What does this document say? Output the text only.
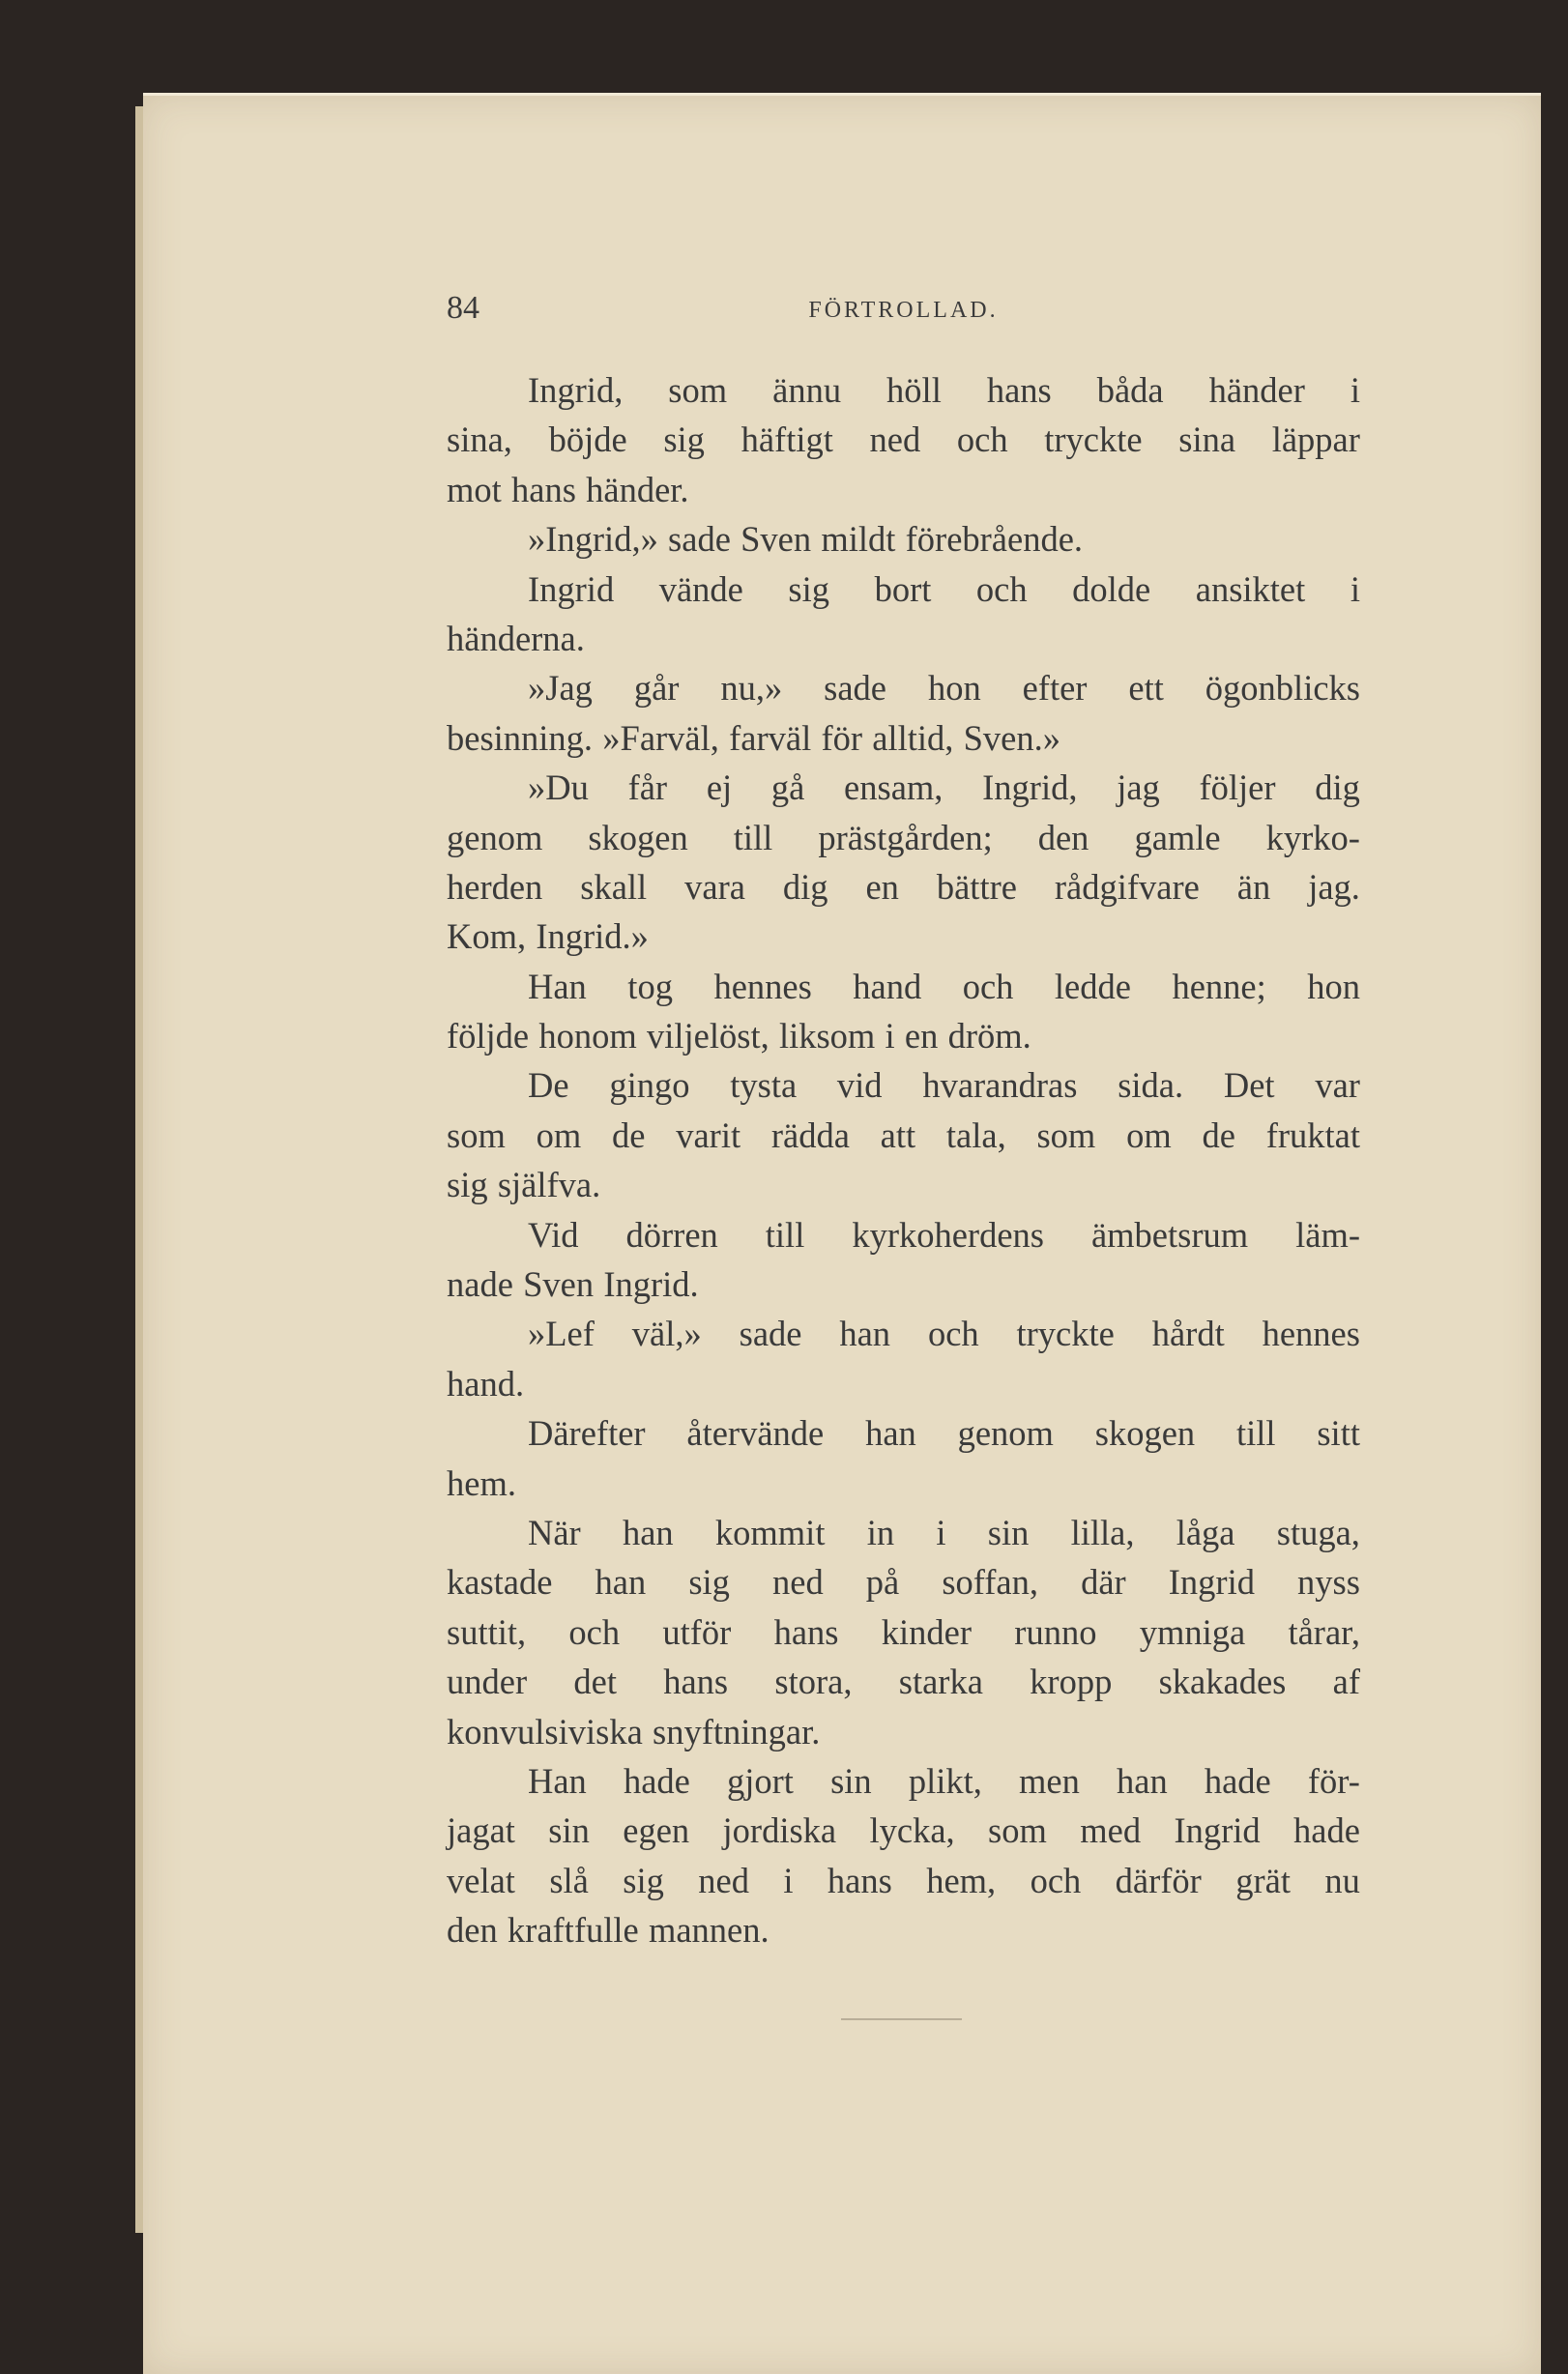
84	FÖRTROLLAD.
Ingrid, som ännu höll hans båda händer i
sina, böjde sig häftigt ned och tryckte sina läppar
mot hans händer.
»Ingrid,» sade Sven mildt förebrående.
Ingrid vände sig bort och dolde ansiktet i
händerna.
»Jag går nu,» sade hon efter ett ögonblicks
besinning. »Farväl, farväl för alltid, Sven.»
»Du får ej gå ensam, Ingrid, jag följer dig
genom skogen till prästgården; den gamle kyrko-
herden skall vara dig en bättre rådgifvare än jag.
Kom, Ingrid.»
Han tog hennes hand och ledde henne; hon
följde honom viljelöst, liksom i en dröm.
De gingo tysta vid hvarandras sida. Det var
som om de varit rädda att tala, som om de fruktat
sig själfva.
Vid dörren till kyrkoherdens ämbetsrum läm-
nade Sven Ingrid.
»Lef väl,» sade han och tryckte hårdt hennes
hand.
Därefter återvände han genom skogen till sitt
hem.
När han kommit in i sin lilla, låga stuga,
kastade han sig ned på soffan, där Ingrid nyss
suttit, och utför hans kinder runno ymniga tårar,
under det hans stora, starka kropp skakades af
konvulsiviska snyftningar.
Han hade gjort sin plikt, men han hade för-
jagat sin egen jordiska lycka, som med Ingrid hade
velat slå sig ned i hans hem, och därför grät nu
den kraftfulle mannen.
